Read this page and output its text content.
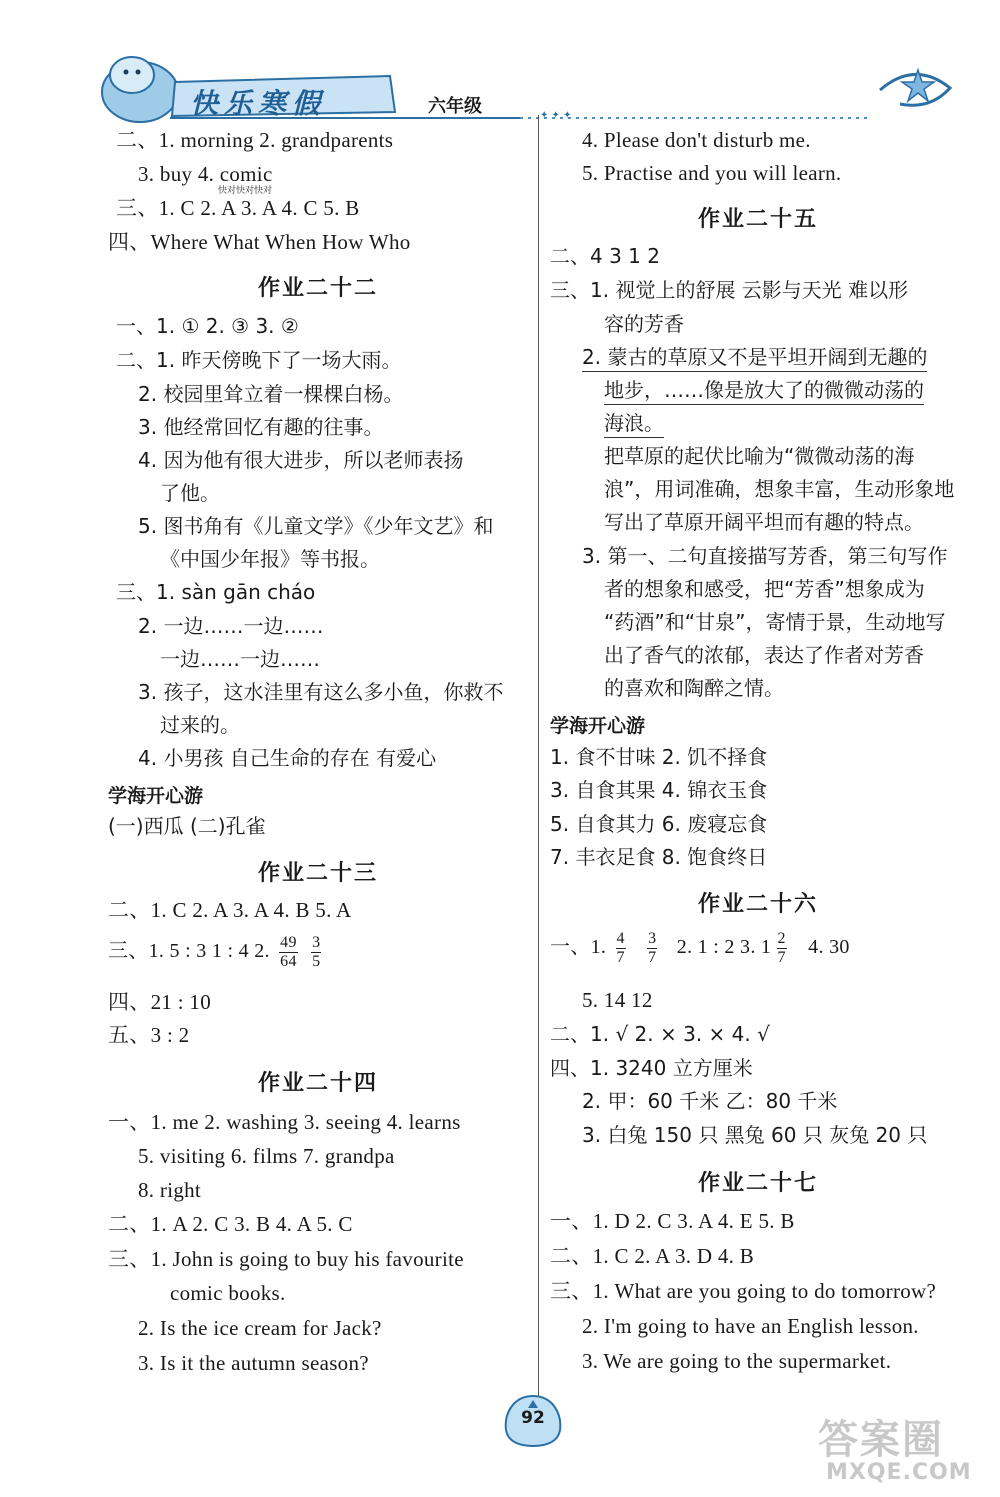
快乐寒假	六年级	✦ ✦ ✦
二、1. morning 2. grandparents
3. buy 4. comic
快对快对快对
三、1. C 2. A 3. A 4. C 5. B
四、Where What When How Who
作业二十二
一、1. ① 2. ③ 3. ②
二、1. 昨天傍晚下了一场大雨。
2. 校园里耸立着一棵棵白杨。
3. 他经常回忆有趣的往事。
4. 因为他有很大进步，所以老师表扬
了他。
5. 图书角有《儿童文学》《少年文艺》和
《中国少年报》等书报。
三、1. sàn gān cháo
2. 一边……一边……
一边……一边……
3. 孩子，这水洼里有这么多小鱼，你救不
过来的。
4. 小男孩 自己生命的存在 有爱心
学海开心游
(一)西瓜 (二)孔雀
作业二十三
二、1. C 2. A 3. A 4. B 5. A
三、1. 5 : 3 1 : 4 2. $\frac{49}{64}$
$\frac{3}{5}$
四、21 : 10
五、3 : 2
作业二十四
一、1. me 2. washing 3. seeing 4. learns
5. visiting 6. films 7. grandpa
8. right
二、1. A 2. C 3. B 4. A 5. C
三、1. John is going to buy his favourite
comic books.
2. Is the ice cream for Jack?
3. Is it the autumn season?
4. Please don't disturb me.
5. Practise and you will learn.
作业二十五
二、4 3 1 2
三、1. 视觉上的舒展 云影与天光 难以形
容的芳香
2. 蒙古的草原又不是平坦开阔到无趣的
地步，……像是放大了的微微动荡的
海浪。
把草原的起伏比喻为“微微动荡的海
浪”，用词准确，想象丰富，生动形象地
写出了草原开阔平坦而有趣的特点。
3. 第一、二句直接描写芳香，第三句写作
者的想象和感受，把“芳香”想象成为
“药酒”和“甘泉”，寄情于景，生动地写
出了香气的浓郁，表达了作者对芳香
的喜欢和陶醉之情。
学海开心游
1. 食不甘味 2. 饥不择食
3. 自食其果 4. 锦衣玉食
5. 自食其力 6. 废寝忘食
7. 丰衣足食 8. 饱食终日
作业二十六
一、1. $\frac{4}{7}$
$\frac{3}{7} 2$. 1 : 2 3. $1 \frac{2}{7} 4$. 30
5. 14 12
二、1. √ 2. × 3. × 4. √
四、1. 3240 立方厘米
2. 甲：60 千米 乙：80 千米
3. 白兔 150 只 黑兔 60 只 灰兔 20 只
作业二十七
一、1. D 2. C 3. A 4. E 5. B
二、1. C 2. A 3. D 4. B
三、1. What are you going to do tomorrow?
2. I'm going to have an English lesson.
3. We are going to the supermarket.
92	答案圈
MXQE.COM
